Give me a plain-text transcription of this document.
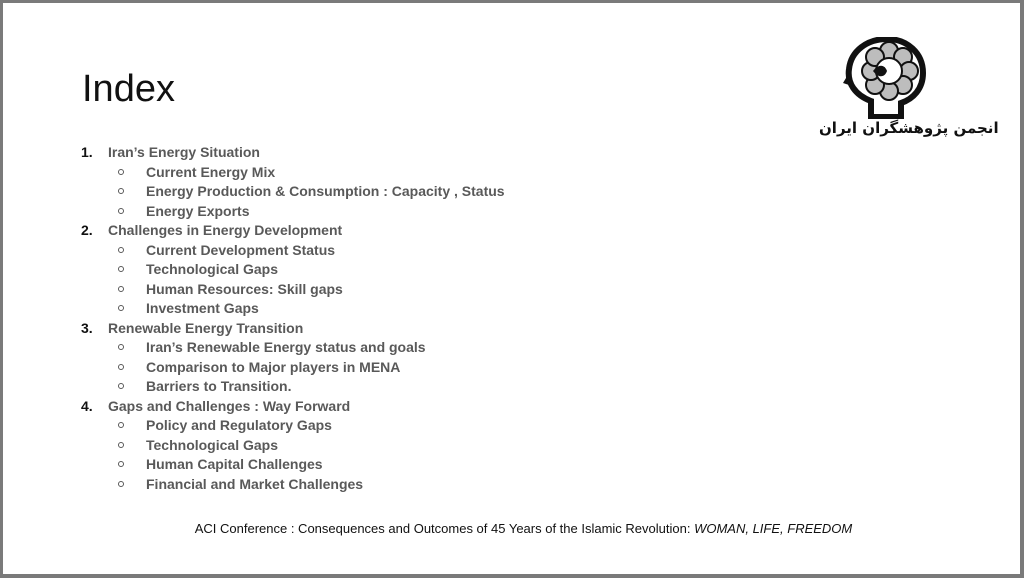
Index
انجمن پژوهشگران ایران
1. Iran’s Energy Situation
Current Energy Mix
Energy Production & Consumption : Capacity , Status
Energy Exports
2. Challenges in Energy Development
Current Development Status
Technological Gaps
Human Resources: Skill gaps
Investment Gaps
3. Renewable Energy Transition
Iran’s Renewable Energy status and goals
Comparison to Major players in MENA
Barriers to Transition.
4. Gaps and Challenges : Way Forward
Policy and Regulatory Gaps
Technological Gaps
Human Capital Challenges
Financial and Market Challenges
ACI Conference : Consequences and Outcomes of 45 Years of the Islamic Revolution: WOMAN, LIFE, FREEDOM
